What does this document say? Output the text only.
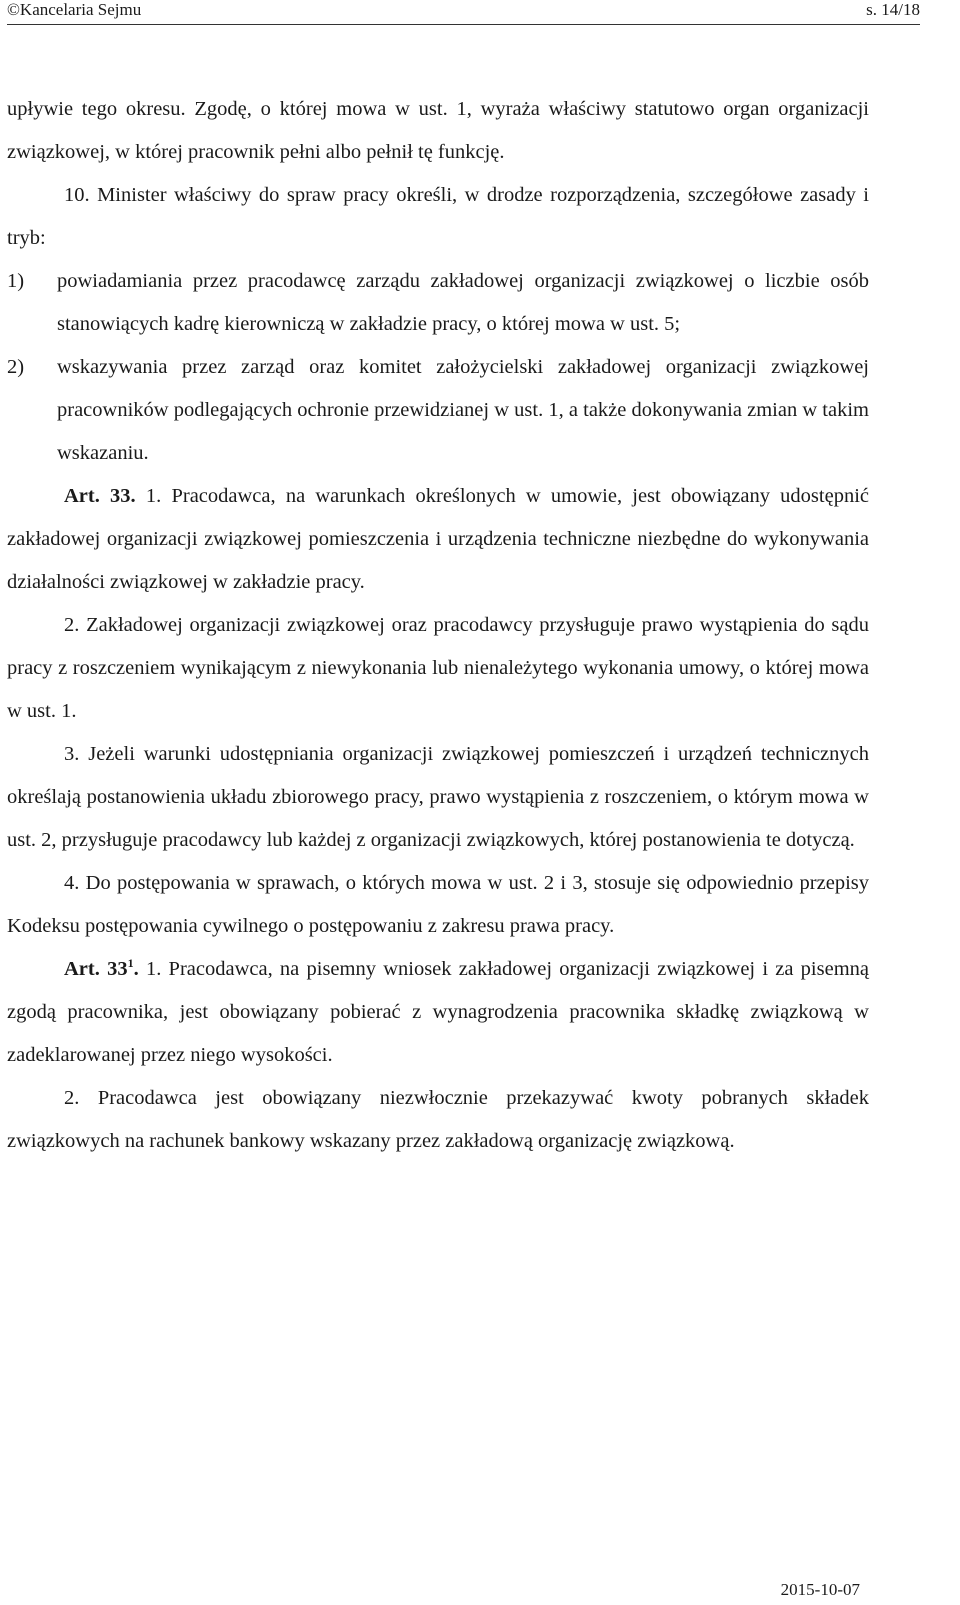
©Kancelaria Sejmu	s. 14/18

upływie tego okresu. Zgodę, o której mowa w ust. 1, wyraża właściwy statutowo organ organizacji związkowej, w której pracownik pełni albo pełnił tę funkcję.

10. Minister właściwy do spraw pracy określi, w drodze rozporządzenia, szczegółowe zasady i tryb:

1)	powiadamiania przez pracodawcę zarządu zakładowej organizacji związkowej o liczbie osób stanowiących kadrę kierowniczą w zakładzie pracy, o której mowa w ust. 5;
2)	wskazywania przez zarząd oraz komitet założycielski zakładowej organizacji związkowej pracowników podlegających ochronie przewidzianej w ust. 1, a także dokonywania zmian w takim wskazaniu.

Art. 33. 1. Pracodawca, na warunkach określonych w umowie, jest obowiązany udostępnić zakładowej organizacji związkowej pomieszczenia i urządzenia techniczne niezbędne do wykonywania działalności związkowej w zakładzie pracy.

2. Zakładowej organizacji związkowej oraz pracodawcy przysługuje prawo wystąpienia do sądu pracy z roszczeniem wynikającym z niewykonania lub nienależytego wykonania umowy, o której mowa w ust. 1.

3. Jeżeli warunki udostępniania organizacji związkowej pomieszczeń i urządzeń technicznych określają postanowienia układu zbiorowego pracy, prawo wystąpienia z roszczeniem, o którym mowa w ust. 2, przysługuje pracodawcy lub każdej z organizacji związkowych, której postanowienia te dotyczą.

4. Do postępowania w sprawach, o których mowa w ust. 2 i 3, stosuje się odpowiednio przepisy Kodeksu postępowania cywilnego o postępowaniu z zakresu prawa pracy.

Art. $33^1$. 1. Pracodawca, na pisemny wniosek zakładowej organizacji związkowej i za pisemną zgodą pracownika, jest obowiązany pobierać z wynagrodzenia pracownika składkę związkową w zadeklarowanej przez niego wysokości.

2. Pracodawca jest obowiązany niezwłocznie przekazywać kwoty pobranych składek związkowych na rachunek bankowy wskazany przez zakładową organizację związkową.

2015-10-07
